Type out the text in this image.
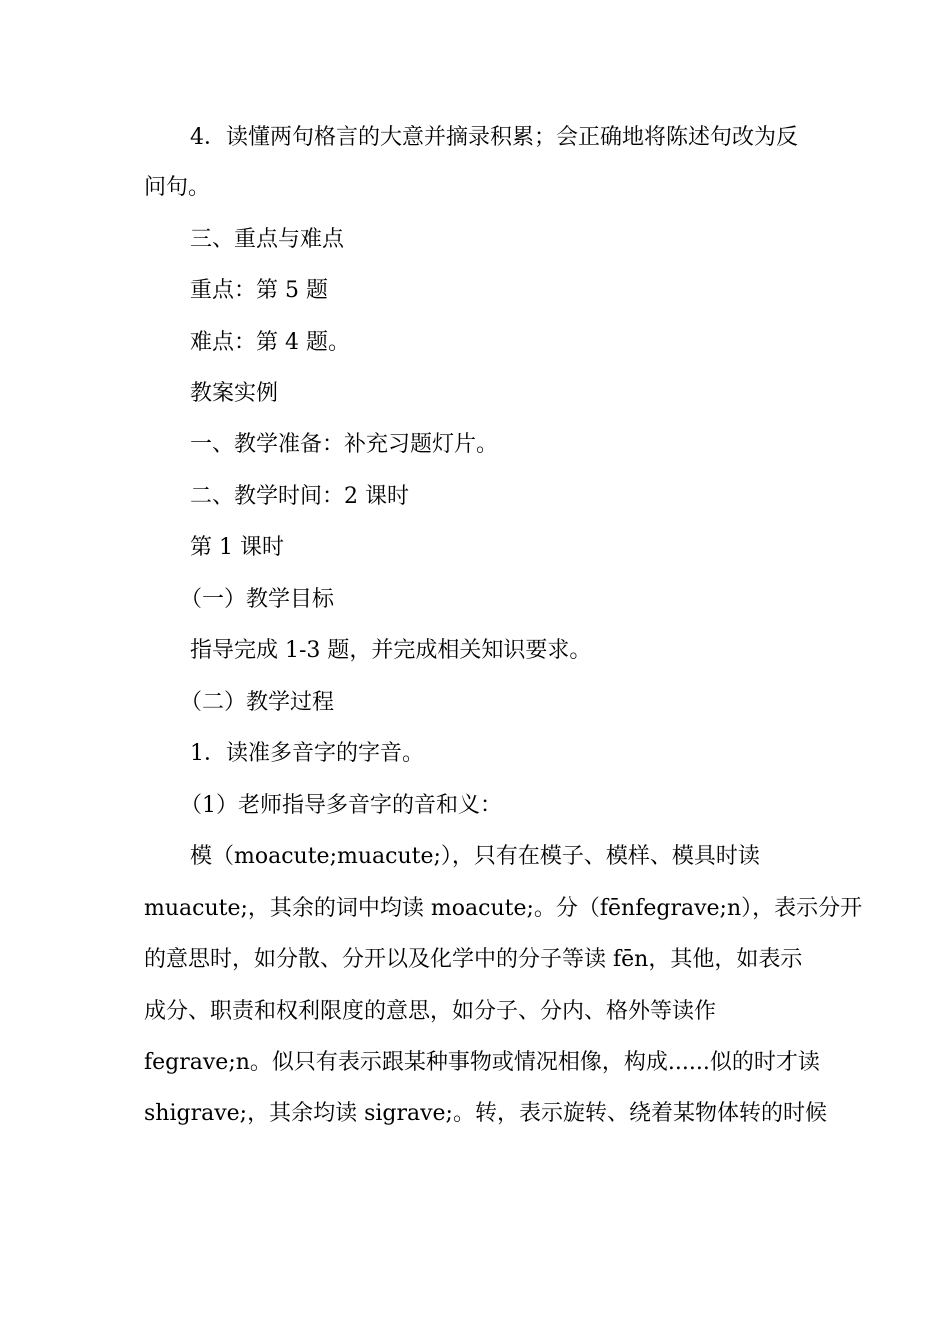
4．读懂两句格言的大意并摘录积累；会正确地将陈述句改为反
问句。
三、重点与难点
重点：第 5 题
难点：第 4 题。
教案实例
一、教学准备：补充习题灯片。
二、教学时间：2 课时
第 1 课时
（一）教学目标
指导完成 1-3 题，并完成相关知识要求。
（二）教学过程
1．读准多音字的字音。
（1）老师指导多音字的音和义：
模（moacute;muacute;），只有在模子、模样、模具时读
muacute;，其余的词中均读 moacute;。分（fēnfegrave;n），表示分开
的意思时，如分散、分开以及化学中的分子等读 fēn，其他，如表示
成分、职责和权利限度的意思，如分子、分内、格外等读作
fegrave;n。似只有表示跟某种事物或情况相像，构成......似的时才读
shigrave;，其余均读 sigrave;。转，表示旋转、绕着某物体转的时候
